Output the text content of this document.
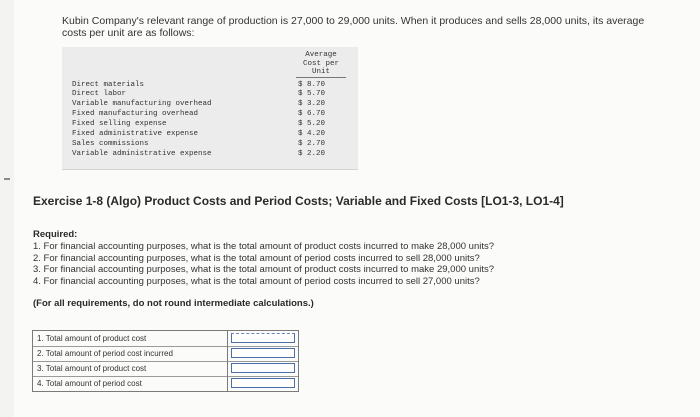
Kubin Company's relevant range of production is 27,000 to 29,000 units. When it produces and sells 28,000 units, its average costs per unit are as follows:
Average
Cost per
Unit
Direct materials	$ 8.70
Direct labor	$ 5.70
Variable manufacturing overhead	$ 3.20
Fixed manufacturing overhead	$ 6.70
Fixed selling expense	$ 5.20
Fixed administrative expense	$ 4.20
Sales commissions	$ 2.70
Variable administrative expense	$ 2.20
Exercise 1-8 (Algo) Product Costs and Period Costs; Variable and Fixed Costs [LO1-3, LO1-4]
Required:
1. For financial accounting purposes, what is the total amount of product costs incurred to make 28,000 units?
2. For financial accounting purposes, what is the total amount of period costs incurred to sell 28,000 units?
3. For financial accounting purposes, what is the total amount of product costs incurred to make 29,000 units?
4. For financial accounting purposes, what is the total amount of period costs incurred to sell 27,000 units?
(For all requirements, do not round intermediate calculations.)
1. Total amount of product cost
2. Total amount of period cost incurred
3. Total amount of product cost
4. Total amount of period cost
